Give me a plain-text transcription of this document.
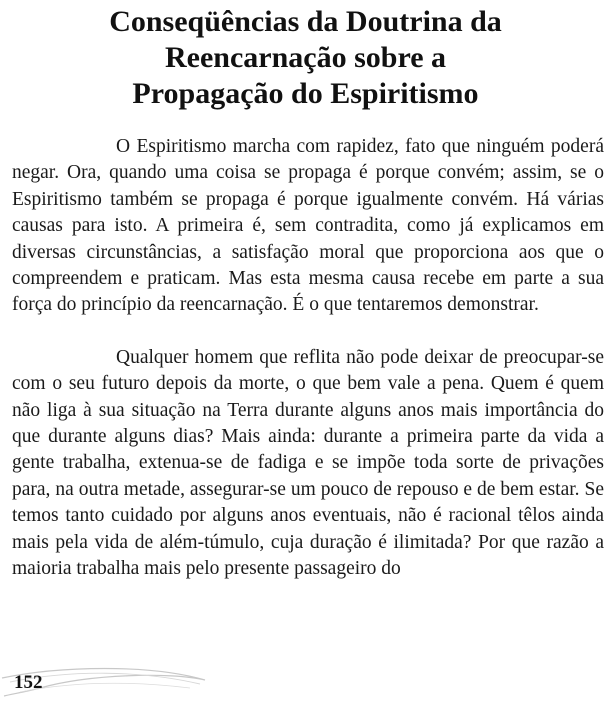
Conseqüências da Doutrina da
Reencarnação sobre a
Propagação do Espiritismo

O Espiritismo marcha com rapidez, fato que ninguém poderá negar. Ora, quando uma coisa se propaga é porque convém; assim, se o Espiritismo também se propaga é porque igualmente convém. Há várias causas para isto. A primeira é, sem contradita, como já explicamos em diversas circunstâncias, a satisfação moral que proporciona aos que o compreendem e praticam. Mas esta mesma causa recebe em parte a sua força do princípio da reencarnação. É o que tentaremos demonstrar.

Qualquer homem que reflita não pode deixar de preocupar-se com o seu futuro depois da morte, o que bem vale a pena. Quem é quem não liga à sua situação na Terra durante alguns anos mais importância do que durante alguns dias? Mais ainda: durante a primeira parte da vida a gente trabalha, extenua-se de fadiga e se impõe toda sorte de privações para, na outra metade, assegurar-se um pouco de repouso e de bem estar. Se temos tanto cuidado por alguns anos eventuais, não é racional têlos ainda mais pela vida de além-túmulo, cuja duração é ilimitada? Por que razão a maioria trabalha mais pelo presente passageiro do

152
